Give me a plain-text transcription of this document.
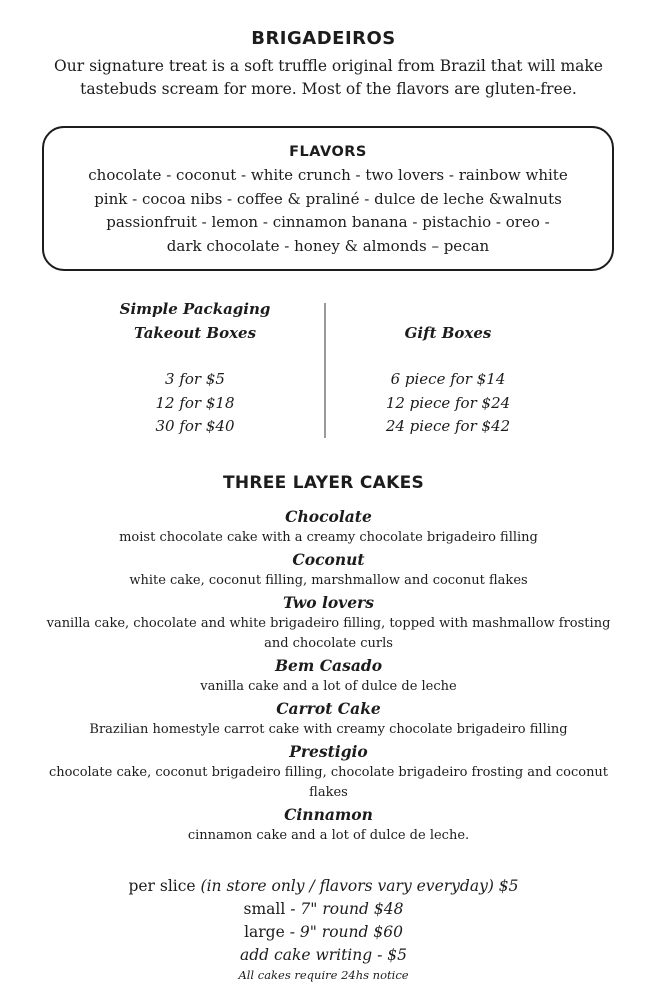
BRIGADEIROS
Our signature treat is a soft truffle original from Brazil that will make tastebuds scream for more. Most of the flavors are gluten-free.
FLAVORS
chocolate - coconut - white crunch - two lovers - rainbow white
pink - cocoa nibs - coffee & praliné - dulce de leche &walnuts
passionfruit - lemon - cinnamon banana - pistachio - oreo -
dark chocolate - honey & almonds – pecan
Simple Packaging
Takeout Boxes
3 for $5
12 for $18
30 for $40
Gift Boxes
6 piece for $14
12 piece for $24
24 piece for $42
THREE LAYER CAKES
Chocolate
moist chocolate cake with a creamy chocolate brigadeiro filling
Coconut
white cake, coconut filling, marshmallow and coconut flakes
Two lovers
vanilla cake, chocolate and white brigadeiro filling, topped with mashmallow frosting and chocolate curls
Bem Casado
vanilla cake and a lot of dulce de leche
Carrot Cake
Brazilian homestyle carrot cake with creamy chocolate brigadeiro filling
Prestigio
chocolate cake, coconut brigadeiro filling, chocolate brigadeiro frosting and coconut flakes
Cinnamon
cinnamon cake and a lot of dulce de leche.
per slice (in store only / flavors vary everyday) $5
small - 7" round $48
large - 9" round $60
add cake writing - $5
All cakes require 24hs notice
